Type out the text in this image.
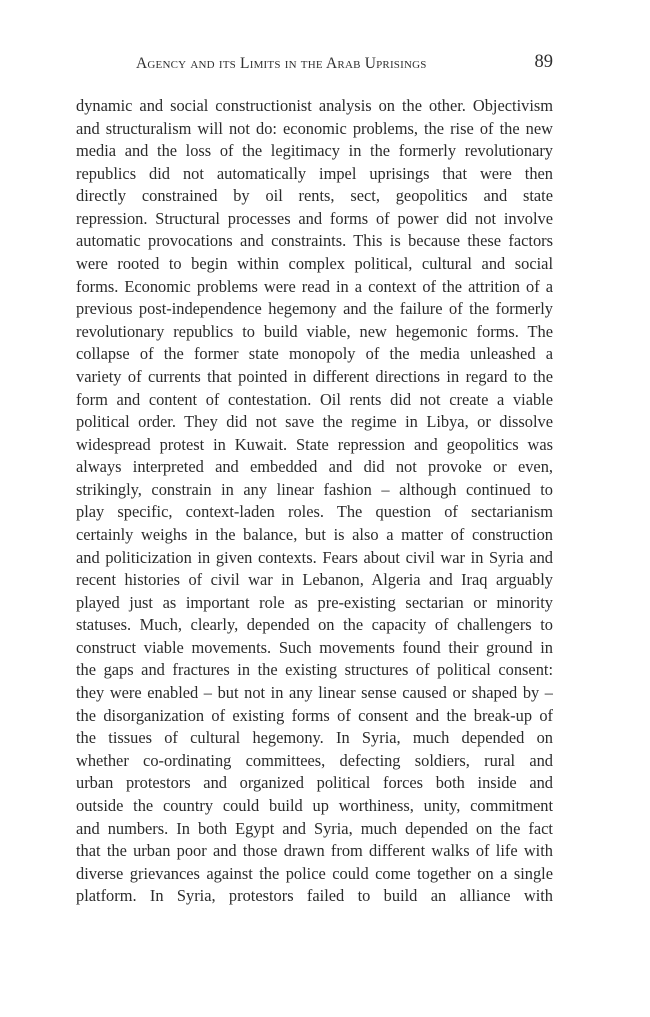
Agency and its Limits in the Arab Uprisings	89
dynamic and social constructionist analysis on the other. Objectivism
and structuralism will not do: economic problems, the rise of the new
media and the loss of the legitimacy in the formerly revolutionary
republics did not automatically impel uprisings that were then
directly constrained by oil rents, sect, geopolitics and state
repression. Structural processes and forms of power did not involve
automatic provocations and constraints. This is because these factors
were rooted to begin within complex political, cultural and social
forms. Economic problems were read in a context of the attrition of a
previous post-independence hegemony and the failure of the formerly
revolutionary republics to build viable, new hegemonic forms. The
collapse of the former state monopoly of the media unleashed a
variety of currents that pointed in different directions in regard to the
form and content of contestation. Oil rents did not create a viable
political order. They did not save the regime in Libya, or dissolve
widespread protest in Kuwait. State repression and geopolitics was
always interpreted and embedded and did not provoke or even,
strikingly, constrain in any linear fashion – although continued to
play specific, context-laden roles. The question of sectarianism
certainly weighs in the balance, but is also a matter of construction
and politicization in given contexts. Fears about civil war in Syria and
recent histories of civil war in Lebanon, Algeria and Iraq arguably
played just as important role as pre-existing sectarian or minority
statuses. Much, clearly, depended on the capacity of challengers to
construct viable movements. Such movements found their ground in
the gaps and fractures in the existing structures of political consent:
they were enabled – but not in any linear sense caused or shaped by –
the disorganization of existing forms of consent and the break-up of
the tissues of cultural hegemony. In Syria, much depended on
whether co-ordinating committees, defecting soldiers, rural and
urban protestors and organized political forces both inside and
outside the country could build up worthiness, unity, commitment
and numbers. In both Egypt and Syria, much depended on the fact
that the urban poor and those drawn from different walks of life with
diverse grievances against the police could come together on a single
platform. In Syria, protestors failed to build an alliance with
